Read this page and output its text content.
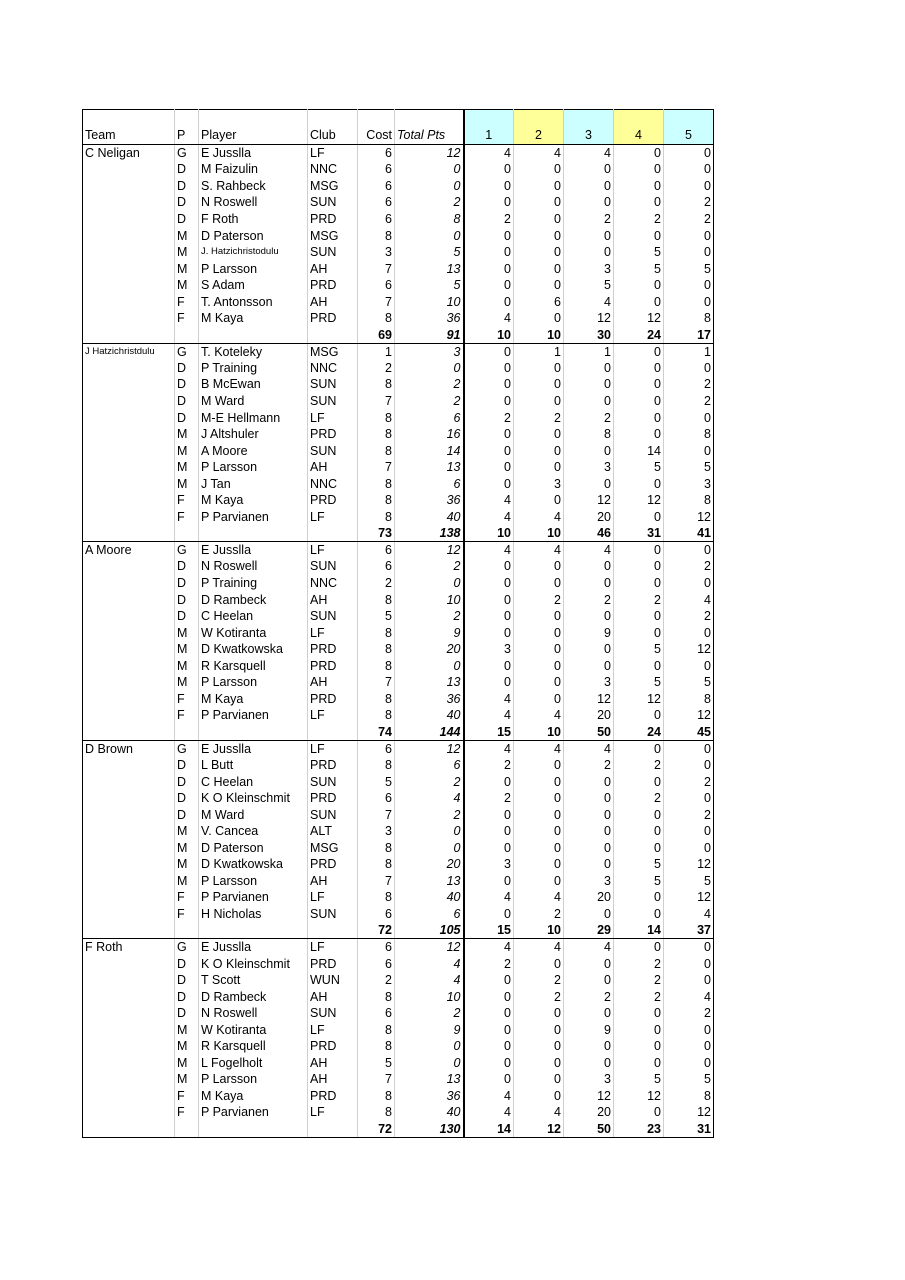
Team	P	Player	Club	Cost	Total Pts	1	2	3	4	5
C Neligan	G	E Jusslla	LF	6	12	4	4	4	0	0
	D	M Faizulin	NNC	6	0	0	0	0	0	0
	D	S. Rahbeck	MSG	6	0	0	0	0	0	0
	D	N Roswell	SUN	6	2	0	0	0	0	2
	D	F Roth	PRD	6	8	2	0	2	2	2
	M	D Paterson	MSG	8	0	0	0	0	0	0
	M	J. Hatzichristodulu	SUN	3	5	0	0	0	5	0
	M	P Larsson	AH	7	13	0	0	3	5	5
	M	S Adam	PRD	6	5	0	0	5	0	0
	F	T. Antonsson	AH	7	10	0	6	4	0	0
	F	M Kaya	PRD	8	36	4	0	12	12	8
				69	91	10	10	30	24	17
J Hatzichristdulu	G	T. Koteleky	MSG	1	3	0	1	1	0	1
	D	P Training	NNC	2	0	0	0	0	0	0
	D	B McEwan	SUN	8	2	0	0	0	0	2
	D	M Ward	SUN	7	2	0	0	0	0	2
	D	M-E Hellmann	LF	8	6	2	2	2	0	0
	M	J Altshuler	PRD	8	16	0	0	8	0	8
	M	A Moore	SUN	8	14	0	0	0	14	0
	M	P Larsson	AH	7	13	0	0	3	5	5
	M	J Tan	NNC	8	6	0	3	0	0	3
	F	M Kaya	PRD	8	36	4	0	12	12	8
	F	P Parvianen	LF	8	40	4	4	20	0	12
				73	138	10	10	46	31	41
A Moore	G	E Jusslla	LF	6	12	4	4	4	0	0
	D	N Roswell	SUN	6	2	0	0	0	0	2
	D	P Training	NNC	2	0	0	0	0	0	0
	D	D Rambeck	AH	8	10	0	2	2	2	4
	D	C Heelan	SUN	5	2	0	0	0	0	2
	M	W Kotiranta	LF	8	9	0	0	9	0	0
	M	D Kwatkowska	PRD	8	20	3	0	0	5	12
	M	R Karsquell	PRD	8	0	0	0	0	0	0
	M	P Larsson	AH	7	13	0	0	3	5	5
	F	M Kaya	PRD	8	36	4	0	12	12	8
	F	P Parvianen	LF	8	40	4	4	20	0	12
				74	144	15	10	50	24	45
D Brown	G	E Jusslla	LF	6	12	4	4	4	0	0
	D	L Butt	PRD	8	6	2	0	2	2	0
	D	C Heelan	SUN	5	2	0	0	0	0	2
	D	K O Kleinschmit	PRD	6	4	2	0	0	2	0
	D	M Ward	SUN	7	2	0	0	0	0	2
	M	V. Cancea	ALT	3	0	0	0	0	0	0
	M	D Paterson	MSG	8	0	0	0	0	0	0
	M	D Kwatkowska	PRD	8	20	3	0	0	5	12
	M	P Larsson	AH	7	13	0	0	3	5	5
	F	P Parvianen	LF	8	40	4	4	20	0	12
	F	H Nicholas	SUN	6	6	0	2	0	0	4
				72	105	15	10	29	14	37
F Roth	G	E Jusslla	LF	6	12	4	4	4	0	0
	D	K O Kleinschmit	PRD	6	4	2	0	0	2	0
	D	T Scott	WUN	2	4	0	2	0	2	0
	D	D Rambeck	AH	8	10	0	2	2	2	4
	D	N Roswell	SUN	6	2	0	0	0	0	2
	M	W Kotiranta	LF	8	9	0	0	9	0	0
	M	R Karsquell	PRD	8	0	0	0	0	0	0
	M	L Fogelholt	AH	5	0	0	0	0	0	0
	M	P Larsson	AH	7	13	0	0	3	5	5
	F	M Kaya	PRD	8	36	4	0	12	12	8
	F	P Parvianen	LF	8	40	4	4	20	0	12
				72	130	14	12	50	23	31
